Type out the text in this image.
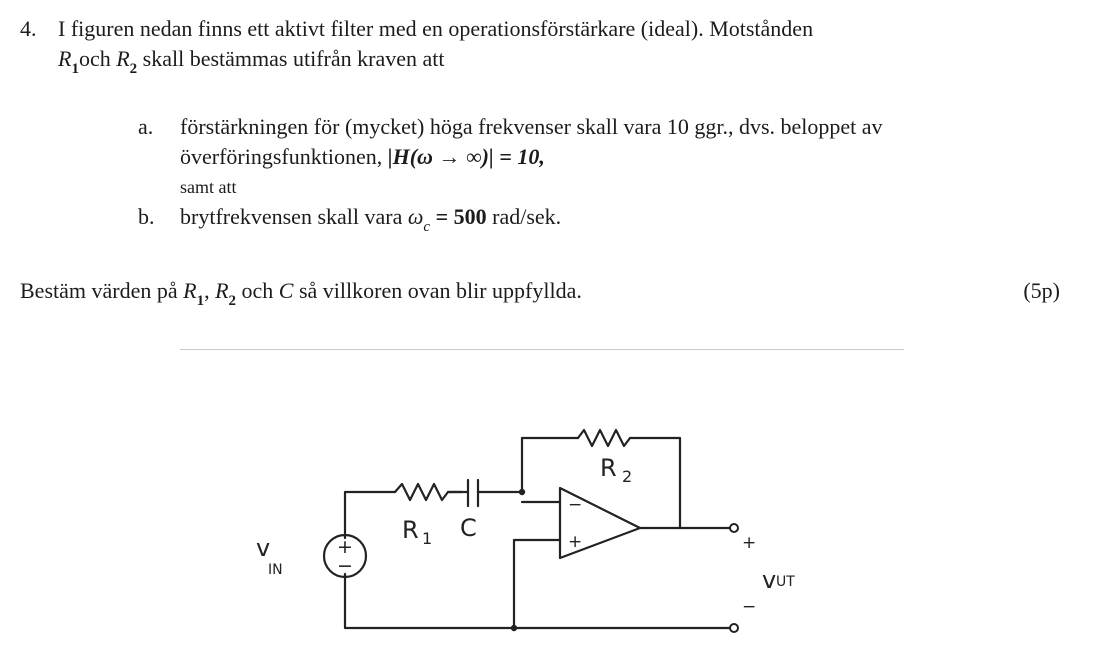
4. I figuren nedan finns ett aktivt filter med en operationsförstärkare (ideal). Motstånden
$R_1och$ $R_2$ skall bestämmas utifrån kraven att
a. förstärkningen för (mycket) höga frekvenser skall vara 10 ggr., dvs. beloppet av
överföringsfunktionen, |H(ω → ∞)| = 10,
samt att
b. brytfrekvensen skall vara $\omega_c = 500$ rad/sek.
Bestäm värden på $R_1$, $R_2$ och C så villkoren ovan blir uppfyllda.	(5p)
+
−
v
IN
R 1 C
R 2
−
+	+
v UT
−
